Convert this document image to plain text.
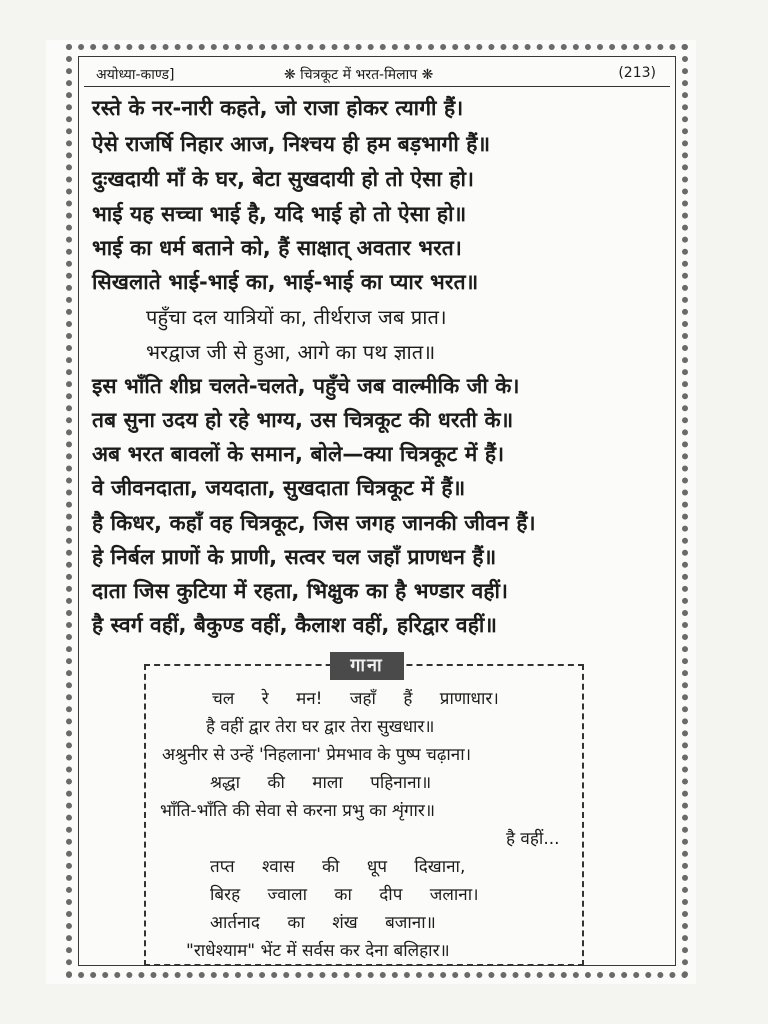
अयोध्या-काण्ड]	❋ चित्रकूट में भरत-मिलाप ❋	(213)
रस्ते के नर-नारी कहते, जो राजा होकर त्यागी हैं।
ऐसे राजर्षि निहार आज, निश्चय ही हम बड़भागी हैं॥
दुःखदायी माँ के घर, बेटा सुखदायी हो तो ऐसा हो।
भाई यह सच्चा भाई है, यदि भाई हो तो ऐसा हो॥
भाई का धर्म बताने को, हैं साक्षात् अवतार भरत।
सिखलाते भाई-भाई का, भाई-भाई का प्यार भरत॥
पहुँचा दल यात्रियों का, तीर्थराज जब प्रात।
भरद्वाज जी से हुआ, आगे का पथ ज्ञात॥
इस भाँति शीघ्र चलते-चलते, पहुँचे जब वाल्मीकि जी के।
तब सुना उदय हो रहे भाग्य, उस चित्रकूट की धरती के॥
अब भरत बावलों के समान, बोले—क्या चित्रकूट में हैं।
वे जीवनदाता, जयदाता, सुखदाता चित्रकूट में हैं॥
है किधर, कहाँ वह चित्रकूट, जिस जगह जानकी जीवन हैं।
हे निर्बल प्राणों के प्राणी, सत्वर चल जहाँ प्राणधन हैं॥
दाता जिस कुटिया में रहता, भिक्षुक का है भण्डार वहीं।
है स्वर्ग वहीं, बैकुण्ड वहीं, कैलाश वहीं, हरिद्वार वहीं॥
गाना
चल रे मन! जहाँ हैं प्राणाधार।
है वहीं द्वार तेरा घर द्वार तेरा सुखधार॥
अश्रुनीर से उन्हें 'निहलाना' प्रेमभाव के पुष्प चढ़ाना।
श्रद्धा की माला पहिनाना॥
भाँति-भाँति की सेवा से करना प्रभु का शृंगार॥
है वहीं...
तप्त श्वास की धूप दिखाना,
बिरह ज्वाला का दीप जलाना।
आर्तनाद का शंख बजाना॥
"राधेश्याम" भेंट में सर्वस कर देना बलिहार॥
